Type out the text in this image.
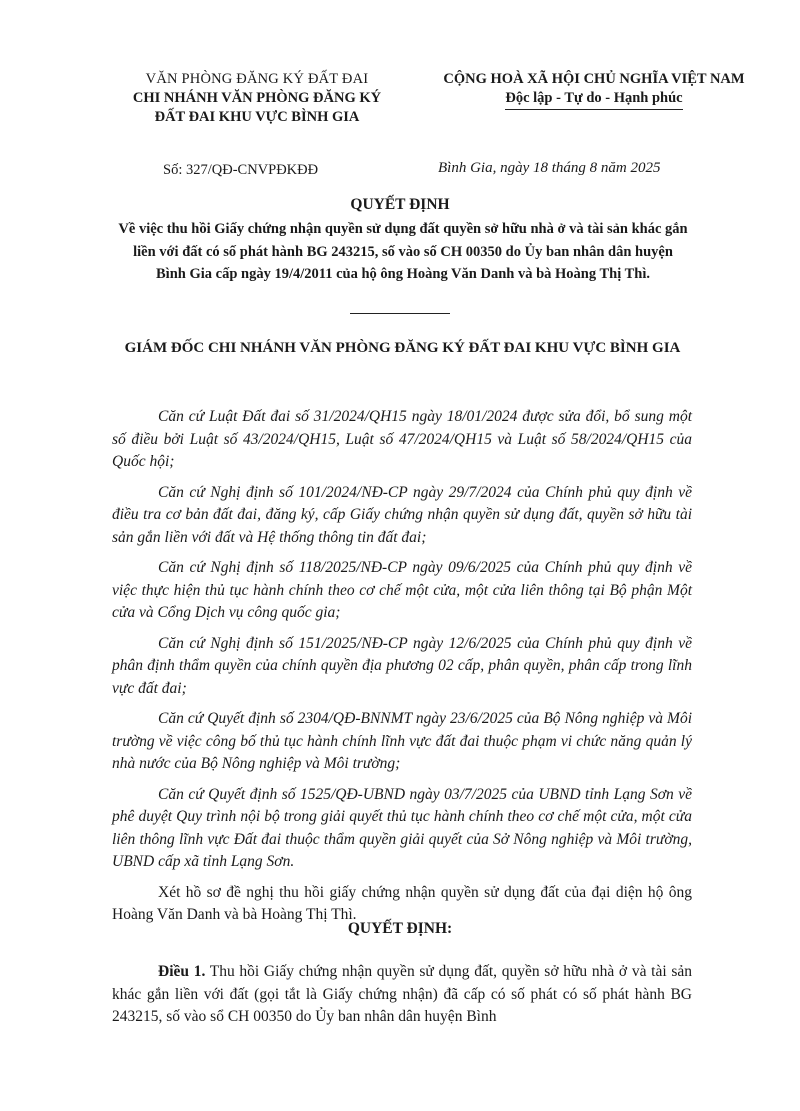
VĂN PHÒNG ĐĂNG KÝ ĐẤT ĐAI
CHI NHÁNH VĂN PHÒNG ĐĂNG KÝ
ĐẤT ĐAI KHU VỰC BÌNH GIA
CỘNG HOÀ XÃ HỘI CHỦ NGHĨA VIỆT NAM
Độc lập - Tự do - Hạnh phúc
Số: 327/QĐ-CNVPĐKĐĐ	Bình Gia, ngày 18 tháng 8 năm 2025
QUYẾT ĐỊNH
Về việc thu hồi Giấy chứng nhận quyền sử dụng đất quyền sở hữu nhà ở và tài sản khác gắn liền với đất có số phát hành BG 243215, số vào số CH 00350 do Ủy ban nhân dân huyện Bình Gia cấp ngày 19/4/2011 của hộ ông Hoàng Văn Danh và bà Hoàng Thị Thì.
GIÁM ĐỐC CHI NHÁNH VĂN PHÒNG ĐĂNG KÝ ĐẤT ĐAI KHU VỰC BÌNH GIA

Căn cứ Luật Đất đai số 31/2024/QH15 ngày 18/01/2024 được sửa đổi, bổ sung một số điều bởi Luật số 43/2024/QH15, Luật số 47/2024/QH15 và Luật số 58/2024/QH15 của Quốc hội;

Căn cứ Nghị định số 101/2024/NĐ-CP ngày 29/7/2024 của Chính phủ quy định về điều tra cơ bản đất đai, đăng ký, cấp Giấy chứng nhận quyền sử dụng đất, quyền sở hữu tài sản gắn liền với đất và Hệ thống thông tin đất đai;

Căn cứ Nghị định số 118/2025/NĐ-CP ngày 09/6/2025 của Chính phủ quy định về việc thực hiện thủ tục hành chính theo cơ chế một cửa, một cửa liên thông tại Bộ phận Một cửa và Cổng Dịch vụ công quốc gia;

Căn cứ Nghị định số 151/2025/NĐ-CP ngày 12/6/2025 của Chính phủ quy định về phân định thẩm quyền của chính quyền địa phương 02 cấp, phân quyền, phân cấp trong lĩnh vực đất đai;

Căn cứ Quyết định số 2304/QĐ-BNNMT ngày 23/6/2025 của Bộ Nông nghiệp và Môi trường về việc công bố thủ tục hành chính lĩnh vực đất đai thuộc phạm vi chức năng quản lý nhà nước của Bộ Nông nghiệp và Môi trường;

Căn cứ Quyết định số 1525/QĐ-UBND ngày 03/7/2025 của UBND tỉnh Lạng Sơn về phê duyệt Quy trình nội bộ trong giải quyết thủ tục hành chính theo cơ chế một cửa, một cửa liên thông lĩnh vực Đất đai thuộc thẩm quyền giải quyết của Sở Nông nghiệp và Môi trường, UBND cấp xã tỉnh Lạng Sơn.

Xét hồ sơ đề nghị thu hồi giấy chứng nhận quyền sử dụng đất của đại diện hộ ông Hoàng Văn Danh và bà Hoàng Thị Thì.

QUYẾT ĐỊNH:

Điều 1. Thu hồi Giấy chứng nhận quyền sử dụng đất, quyền sở hữu nhà ở và tài sản khác gắn liền với đất (gọi tắt là Giấy chứng nhận) đã cấp có số phát có số phát hành BG 243215, số vào sổ CH 00350 do Ủy ban nhân dân huyện Bình
